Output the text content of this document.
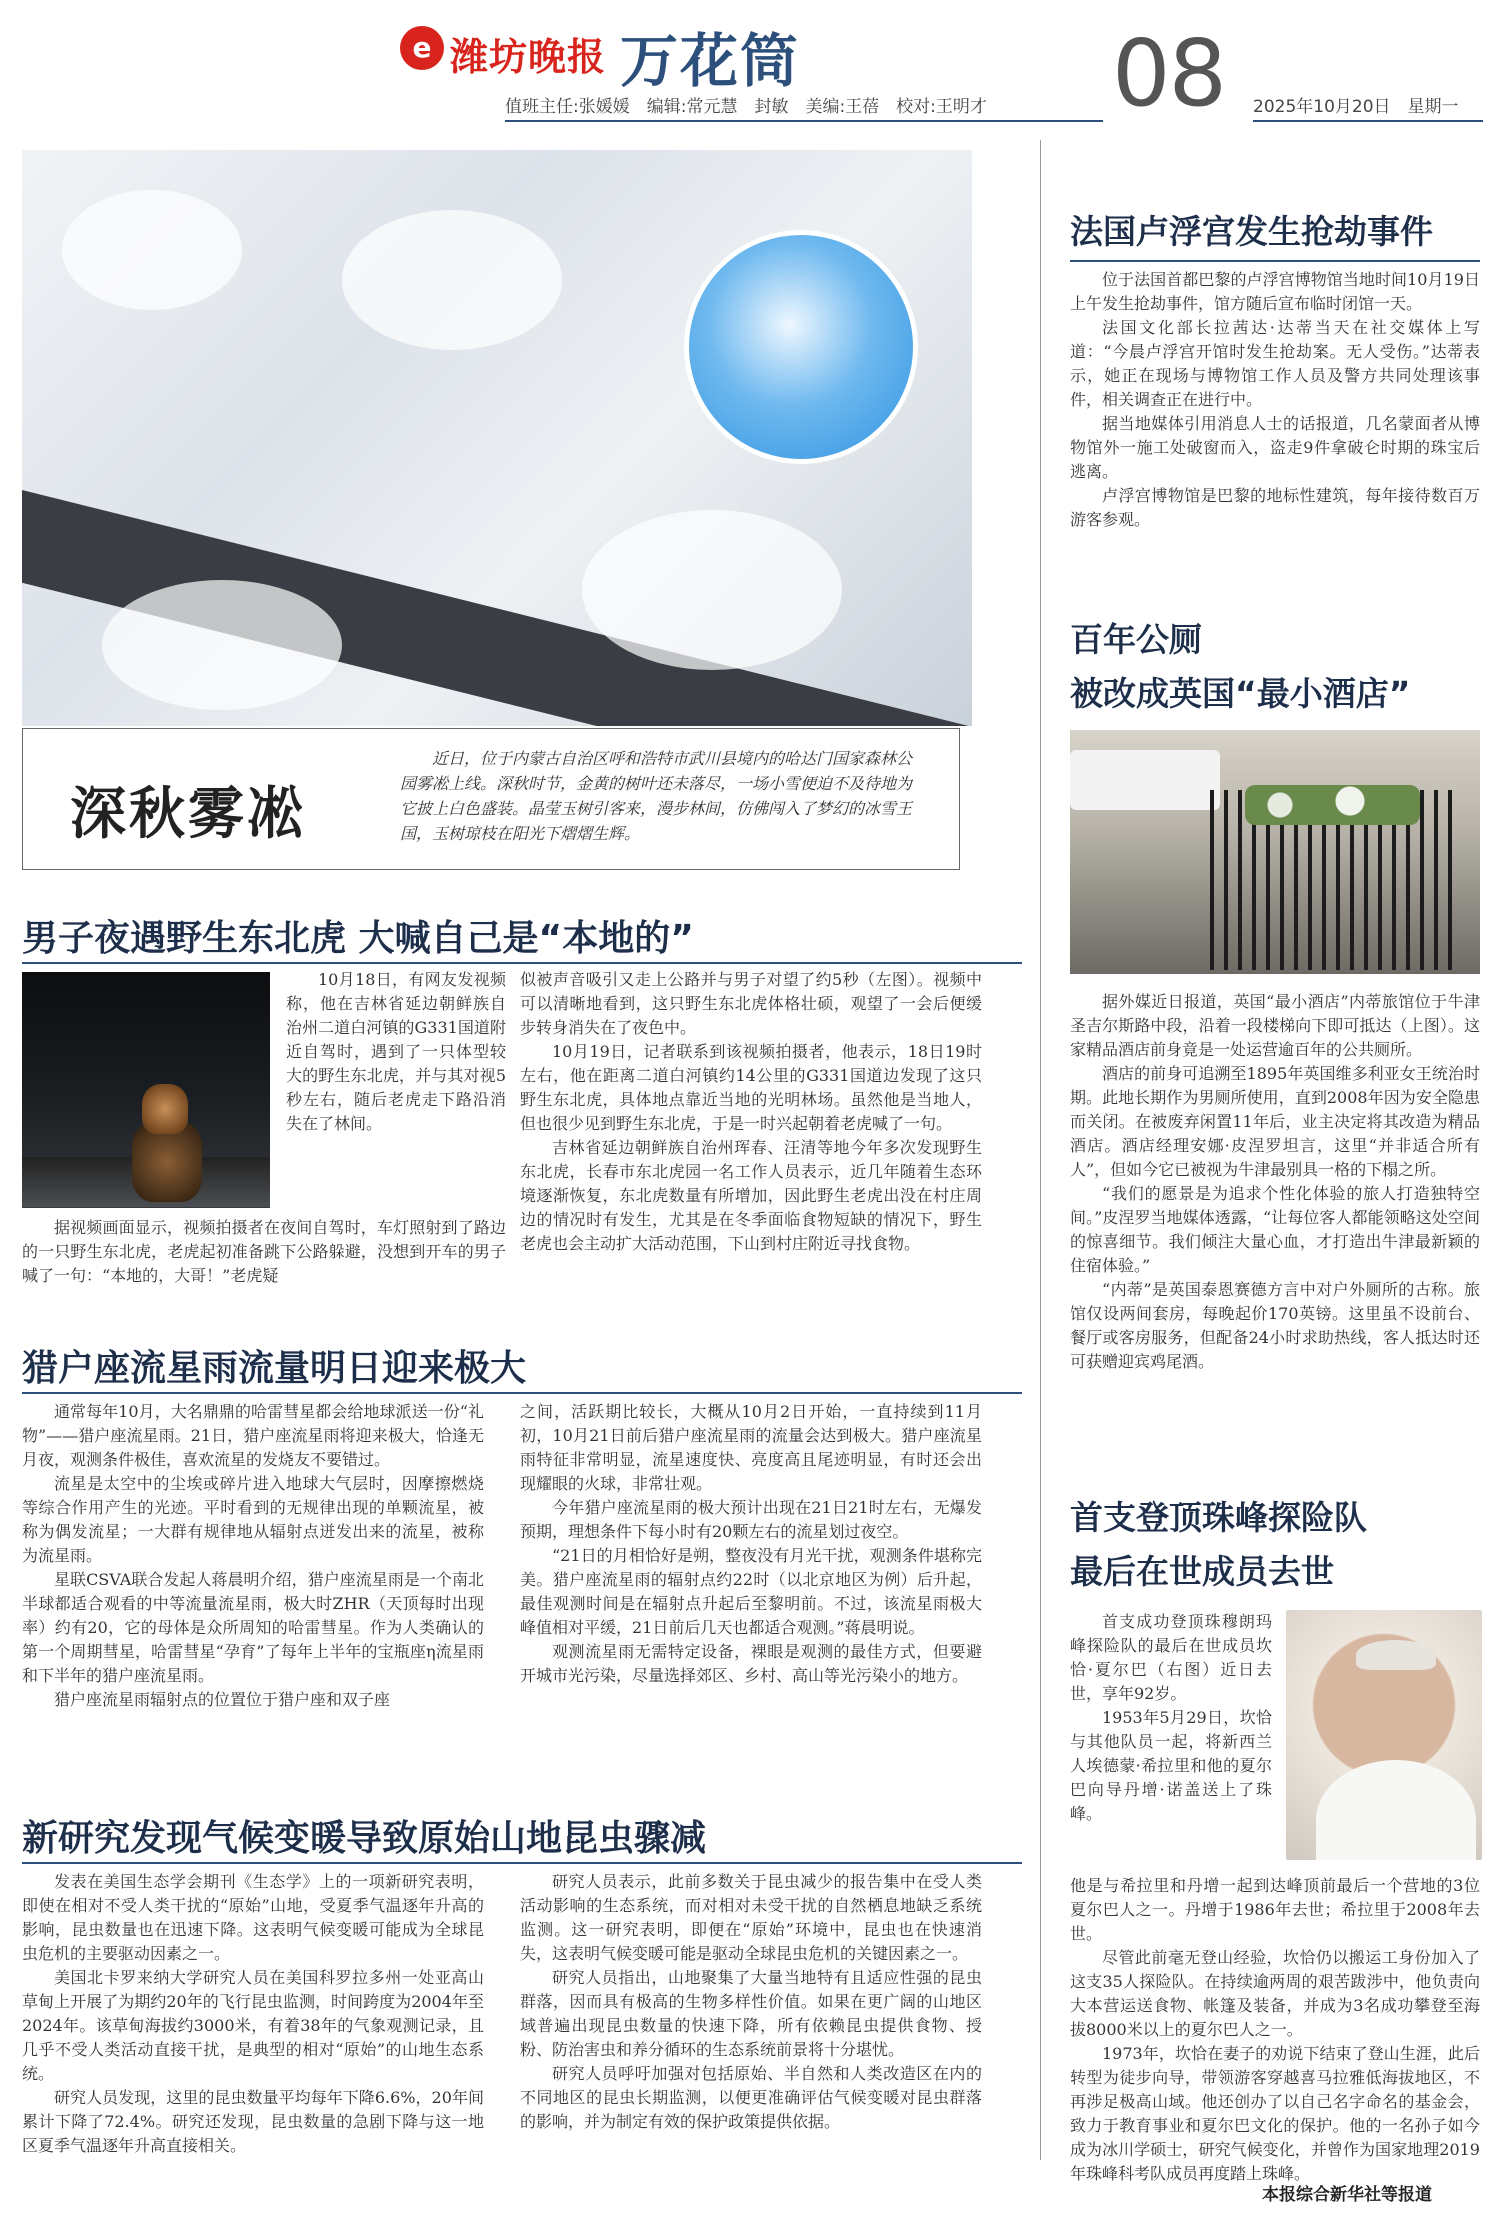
e 潍坊晚报 万花筒
值班主任:张媛媛　编辑:常元慧　封敏　美编:王蓓　校对:王明才 08 2025年10月20日　星期一
深秋雾凇
近日，位于内蒙古自治区呼和浩特市武川县境内的哈达门国家森林公园雾凇上线。深秋时节，金黄的树叶还未落尽，一场小雪便迫不及待地为它披上白色盛装。晶莹玉树引客来，漫步林间，仿佛闯入了梦幻的冰雪王国，玉树琼枝在阳光下熠熠生辉。
男子夜遇野生东北虎 大喊自己是“本地的”

10月18日，有网友发视频称，他在吉林省延边朝鲜族自治州二道白河镇的G331国道附近自驾时，遇到了一只体型较大的野生东北虎，并与其对视5秒左右，随后老虎走下路沿消失在了林间。

据视频画面显示，视频拍摄者在夜间自驾时，车灯照射到了路边的一只野生东北虎，老虎起初准备跳下公路躲避，没想到开车的男子喊了一句：“本地的，大哥！”老虎疑

似被声音吸引又走上公路并与男子对望了约5秒（左图）。视频中可以清晰地看到，这只野生东北虎体格壮硕，观望了一会后便缓步转身消失在了夜色中。

10月19日，记者联系到该视频拍摄者，他表示，18日19时左右，他在距离二道白河镇约14公里的G331国道边发现了这只野生东北虎，具体地点靠近当地的光明林场。虽然他是当地人，但也很少见到野生东北虎，于是一时兴起朝着老虎喊了一句。

吉林省延边朝鲜族自治州珲春、汪清等地今年多次发现野生东北虎，长春市东北虎园一名工作人员表示，近几年随着生态环境逐渐恢复，东北虎数量有所增加，因此野生老虎出没在村庄周边的情况时有发生，尤其是在冬季面临食物短缺的情况下，野生老虎也会主动扩大活动范围，下山到村庄附近寻找食物。

猎户座流星雨流量明日迎来极大

通常每年10月，大名鼎鼎的哈雷彗星都会给地球派送一份“礼物”——猎户座流星雨。21日，猎户座流星雨将迎来极大，恰逢无月夜，观测条件极佳，喜欢流星的发烧友不要错过。

流星是太空中的尘埃或碎片进入地球大气层时，因摩擦燃烧等综合作用产生的光迹。平时看到的无规律出现的单颗流星，被称为偶发流星；一大群有规律地从辐射点迸发出来的流星，被称为流星雨。

星联CSVA联合发起人蒋晨明介绍，猎户座流星雨是一个南北半球都适合观看的中等流量流星雨，极大时ZHR（天顶每时出现率）约有20，它的母体是众所周知的哈雷彗星。作为人类确认的第一个周期彗星，哈雷彗星“孕育”了每年上半年的宝瓶座η流星雨和下半年的猎户座流星雨。

猎户座流星雨辐射点的位置位于猎户座和双子座

之间，活跃期比较长，大概从10月2日开始，一直持续到11月初，10月21日前后猎户座流星雨的流量会达到极大。猎户座流星雨特征非常明显，流星速度快、亮度高且尾迹明显，有时还会出现耀眼的火球，非常壮观。

今年猎户座流星雨的极大预计出现在21日21时左右，无爆发预期，理想条件下每小时有20颗左右的流星划过夜空。

“21日的月相恰好是朔，整夜没有月光干扰，观测条件堪称完美。猎户座流星雨的辐射点约22时（以北京地区为例）后升起，最佳观测时间是在辐射点升起后至黎明前。不过，该流星雨极大峰值相对平缓，21日前后几天也都适合观测。”蒋晨明说。

观测流星雨无需特定设备，裸眼是观测的最佳方式，但要避开城市光污染，尽量选择郊区、乡村、高山等光污染小的地方。

新研究发现气候变暖导致原始山地昆虫骤减

发表在美国生态学会期刊《生态学》上的一项新研究表明，即使在相对不受人类干扰的“原始”山地，受夏季气温逐年升高的影响，昆虫数量也在迅速下降。这表明气候变暖可能成为全球昆虫危机的主要驱动因素之一。

美国北卡罗来纳大学研究人员在美国科罗拉多州一处亚高山草甸上开展了为期约20年的飞行昆虫监测，时间跨度为2004年至2024年。该草甸海拔约3000米，有着38年的气象观测记录，且几乎不受人类活动直接干扰，是典型的相对“原始”的山地生态系统。

研究人员发现，这里的昆虫数量平均每年下降6.6%，20年间累计下降了72.4%。研究还发现，昆虫数量的急剧下降与这一地区夏季气温逐年升高直接相关。

研究人员表示，此前多数关于昆虫减少的报告集中在受人类活动影响的生态系统，而对相对未受干扰的自然栖息地缺乏系统监测。这一研究表明，即便在“原始”环境中，昆虫也在快速消失，这表明气候变暖可能是驱动全球昆虫危机的关键因素之一。

研究人员指出，山地聚集了大量当地特有且适应性强的昆虫群落，因而具有极高的生物多样性价值。如果在更广阔的山地区域普遍出现昆虫数量的快速下降，所有依赖昆虫提供食物、授粉、防治害虫和养分循环的生态系统前景将十分堪忧。

研究人员呼吁加强对包括原始、半自然和人类改造区在内的不同地区的昆虫长期监测，以便更准确评估气候变暖对昆虫群落的影响，并为制定有效的保护政策提供依据。

法国卢浮宫发生抢劫事件

位于法国首都巴黎的卢浮宫博物馆当地时间10月19日上午发生抢劫事件，馆方随后宣布临时闭馆一天。

法国文化部长拉茜达·达蒂当天在社交媒体上写道：“今晨卢浮宫开馆时发生抢劫案。无人受伤。”达蒂表示，她正在现场与博物馆工作人员及警方共同处理该事件，相关调查正在进行中。

据当地媒体引用消息人士的话报道，几名蒙面者从博物馆外一施工处破窗而入，盗走9件拿破仑时期的珠宝后逃离。

卢浮宫博物馆是巴黎的地标性建筑，每年接待数百万游客参观。

百年公厕
被改成英国“最小酒店”

据外媒近日报道，英国“最小酒店”内蒂旅馆位于牛津圣吉尔斯路中段，沿着一段楼梯向下即可抵达（上图）。这家精品酒店前身竟是一处运营逾百年的公共厕所。

酒店的前身可追溯至1895年英国维多利亚女王统治时期。此地长期作为男厕所使用，直到2008年因为安全隐患而关闭。在被废弃闲置11年后，业主决定将其改造为精品酒店。酒店经理安娜·皮涅罗坦言，这里“并非适合所有人”，但如今它已被视为牛津最别具一格的下榻之所。

“我们的愿景是为追求个性化体验的旅人打造独特空间。”皮涅罗当地媒体透露，“让每位客人都能领略这处空间的惊喜细节。我们倾注大量心血，才打造出牛津最新颖的住宿体验。”

“内蒂”是英国泰恩赛德方言中对户外厕所的古称。旅馆仅设两间套房，每晚起价170英镑。这里虽不设前台、餐厅或客房服务，但配备24小时求助热线，客人抵达时还可获赠迎宾鸡尾酒。

首支登顶珠峰探险队
最后在世成员去世

首支成功登顶珠穆朗玛峰探险队的最后在世成员坎恰·夏尔巴（右图）近日去世，享年92岁。

1953年5月29日，坎恰与其他队员一起，将新西兰人埃德蒙·希拉里和他的夏尔巴向导丹增·诺盖送上了珠峰。

他是与希拉里和丹增一起到达峰顶前最后一个营地的3位夏尔巴人之一。丹增于1986年去世；希拉里于2008年去世。

尽管此前毫无登山经验，坎恰仍以搬运工身份加入了这支35人探险队。在持续逾两周的艰苦跋涉中，他负责向大本营运送食物、帐篷及装备，并成为3名成功攀登至海拔8000米以上的夏尔巴人之一。

1973年，坎恰在妻子的劝说下结束了登山生涯，此后转型为徒步向导，带领游客穿越喜马拉雅低海拔地区，不再涉足极高山域。他还创办了以自己名字命名的基金会，致力于教育事业和夏尔巴文化的保护。他的一名孙子如今成为冰川学硕士，研究气候变化，并曾作为国家地理2019年珠峰科考队成员再度踏上珠峰。

本报综合新华社等报道
